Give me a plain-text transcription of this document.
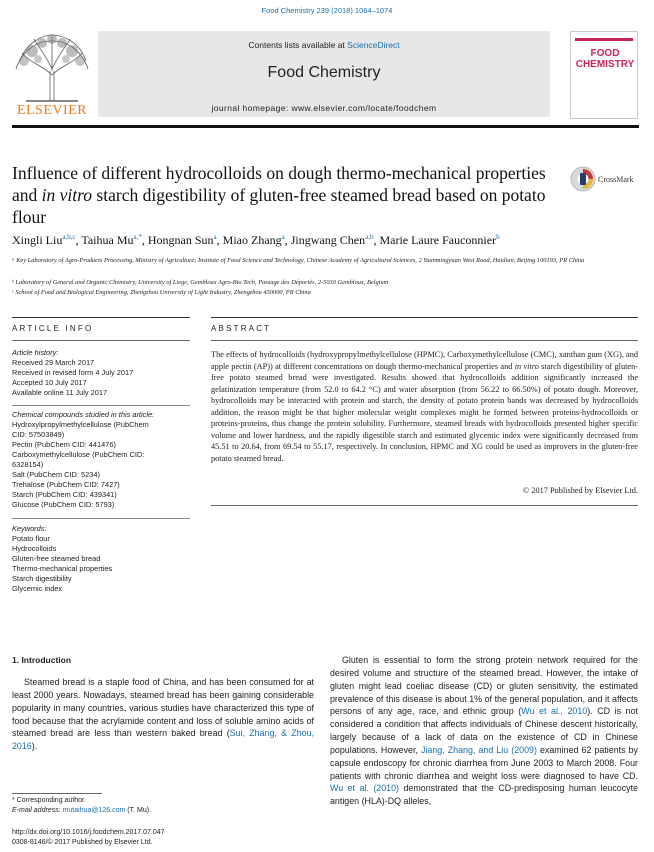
Food Chemistry 239 (2018) 1064–1074
ELSEVIER
Contents lists available at ScienceDirect
Food Chemistry
journal homepage: www.elsevier.com/locate/foodchem
FOOD
CHEMISTRY
Influence of different hydrocolloids on dough thermo-mechanical properties and in vitro starch digestibility of gluten-free steamed bread based on potato flour
CrossMark
Xingli Liu$^{a,b,c}$, Taihua $Mu^{a,*}$, Hongnan Sun$^a$, Miao Zhang$^a$, Jingwang Chen$^{a,b}$, Marie Laure Fauconnier$^b$
ᵃ Key Laboratory of Agro-Products Processing, Ministry of Agriculture; Institute of Food Science and Technology, Chinese Academy of Agricultural Sciences, 2 Yuanmingyuan West Road, Haidian, Beijing 100193, PR China
ᵇ Laboratory of General and Organic Chemistry, University of Liege, Gembloux Agro-Bio Tech, Passage des Déportés, 2-5030 Gembloux, Belgium
ᶜ School of Food and Biological Engineering, Zhengzhou University of Light Industry, Zhengzhou 450000, PR China
ARTICLE INFO	ABSTRACT
Article history:
Received 29 March 2017
Received in revised form 4 July 2017
Accepted 10 July 2017
Available online 11 July 2017
Chemical compounds studied in this article:
Hydroxylpropylmethylcellulose (PubChem
CID: 57503849)
Pectin (PubChem CID: 441476)
Carboxymethylcellulose (PubChem CID:
6328154)
Salt (PubChem CID: 5234)
Trehalose (PubChem CID: 7427)
Starch (PubChem CID: 439341)
Glucose (PubChem CID: 5793)
Keywords:
Potato flour
Hydrocolloids
Gluten-free steamed bread
Thermo-mechanical properties
Starch digestibility
Glycemic index
The effects of hydrocolloids (hydroxypropylmethylcellulose (HPMC), Carboxymethylcellulose (CMC), xanthan gum (XG), and apple pectin (AP)) at different concentrations on dough thermo-mechanical properties and in vitro starch digestibility of gluten-free potato steamed bread were investigated. Results showed that hydrocolloids addition significantly increased the gelatinization temperature (from 52.0 to 64.2 °C) and water absorption (from 56.22 to 66.50%) of potato dough. Moreover, hydrocolloids may be interacted with protein and starch, the density of potato protein bands was decreased by hydrocolloids addition, the reason might be that higher molecular weight complexes might be formed between proteins-hydrocolloids or proteins-proteins, thus change the protein solubility. Furthermore, steamed breads with hydrocolloids presented higher specific volume and lower hardness, and the rapidly digestible starch and estimated glycemic index were significantly decreased from 45.51 to 20.64, from 69.54 to 55.17, respectively. In conclusion, HPMC and XG could be used as improvers in the gluten-free potato steamed bread.
© 2017 Published by Elsevier Ltd.
1. Introduction
Steamed bread is a staple food of China, and has been consumed for at least 2000 years. Nowadays, steamed bread has been gaining considerable popularity in many countries, various studies have characterized this type of food because that the acrylamide content and loss of soluble amino acids of steamed bread are less than western baked bread (Sui, Zhang, & Zhou, 2016).
Gluten is essential to form the strong protein network required for the desired volume and structure of the steamed bread. However, the intake of gluten might lead coeliac disease (CD) or gluten sensitivity, the estimated prevalence of this disease is about 1% of the general population, and it affects persons of any age, race, and ethnic group (Wu et al., 2010). CD is not considered a condition that affects individuals of Chinese descent historically, largely because of a lack of data on the existence of CD in Chinese populations. However, Jiang, Zhang, and Liu (2009) examined 62 patients by capsule endoscopy for chronic diarrhea from June 2003 to March 2008. Four patients with chronic diarrhea and weight loss were diagnosed to have CD. Wu et al. (2010) demonstrated that the CD-predisposing human leucocyte antigen (HLA)-DQ alleles,
* Corresponding author.
E-mail address: mutaihua@126.com (T. Mu).
http://dx.doi.org/10.1016/j.foodchem.2017.07.047
0308-8146/© 2017 Published by Elsevier Ltd.
